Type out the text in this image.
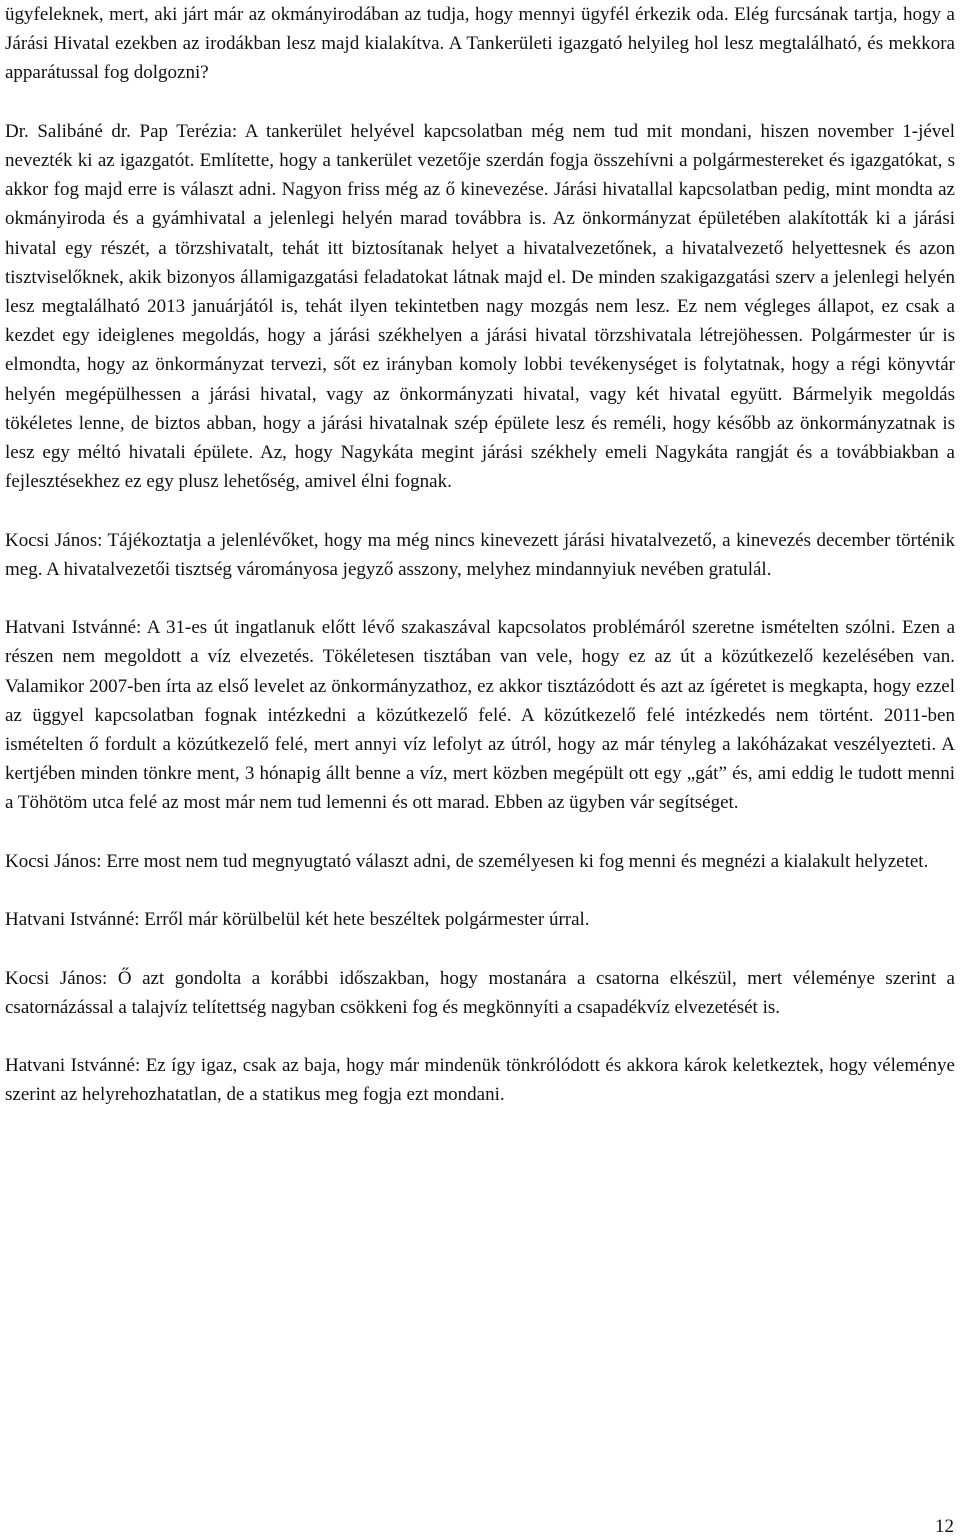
ügyfeleknek, mert, aki járt már az okmányirodában az tudja, hogy mennyi ügyfél érkezik oda. Elég furcsának tartja, hogy a Járási Hivatal ezekben az irodákban lesz majd kialakítva. A Tankerületi igazgató helyileg hol lesz megtalálható, és mekkora apparátussal fog dolgozni?

Dr. Salibáné dr. Pap Terézia: A tankerület helyével kapcsolatban még nem tud mit mondani, hiszen november 1-jével nevezték ki az igazgatót. Említette, hogy a tankerület vezetője szerdán fogja összehívni a polgármestereket és igazgatókat, s akkor fog majd erre is választ adni. Nagyon friss még az ő kinevezése. Járási hivatallal kapcsolatban pedig, mint mondta az okmányiroda és a gyámhivatal a jelenlegi helyén marad továbbra is. Az önkormányzat épületében alakították ki a járási hivatal egy részét, a törzshivatalt, tehát itt biztosítanak helyet a hivatalvezetőnek, a hivatalvezető helyettesnek és azon tisztviselőknek, akik bizonyos államigazgatási feladatokat látnak majd el. De minden szakigazgatási szerv a jelenlegi helyén lesz megtalálható 2013 januárjától is, tehát ilyen tekintetben nagy mozgás nem lesz. Ez nem végleges állapot, ez csak a kezdet egy ideiglenes megoldás, hogy a járási székhelyen a járási hivatal törzshivatala létrejöhessen. Polgármester úr is elmondta, hogy az önkormányzat tervezi, sőt ez irányban komoly lobbi tevékenységet is folytatnak, hogy a régi könyvtár helyén megépülhessen a járási hivatal, vagy az önkormányzati hivatal, vagy két hivatal együtt. Bármelyik megoldás tökéletes lenne, de biztos abban, hogy a járási hivatalnak szép épülete lesz és reméli, hogy később az önkormányzatnak is lesz egy méltó hivatali épülete. Az, hogy Nagykáta megint járási székhely emeli Nagykáta rangját és a továbbiakban a fejlesztésekhez ez egy plusz lehetőség, amivel élni fognak.

Kocsi János: Tájékoztatja a jelenlévőket, hogy ma még nincs kinevezett járási hivatalvezető, a kinevezés december történik meg. A hivatalvezetői tisztség várományosa jegyző asszony, melyhez mindannyiuk nevében gratulál.

Hatvani Istvánné: A 31-es út ingatlanuk előtt lévő szakaszával kapcsolatos problémáról szeretne ismételten szólni. Ezen a részen nem megoldott a víz elvezetés. Tökéletesen tisztában van vele, hogy ez az út a közútkezelő kezelésében van. Valamikor 2007-ben írta az első levelet az önkormányzathoz, ez akkor tisztázódott és azt az ígéretet is megkapta, hogy ezzel az üggyel kapcsolatban fognak intézkedni a közútkezelő felé. A közútkezelő felé intézkedés nem történt. 2011-ben ismételten ő fordult a közútkezelő felé, mert annyi víz lefolyt az útról, hogy az már tényleg a lakóházakat veszélyezteti. A kertjében minden tönkre ment, 3 hónapig állt benne a víz, mert közben megépült ott egy „gát” és, ami eddig le tudott menni a Töhötöm utca felé az most már nem tud lemenni és ott marad. Ebben az ügyben vár segítséget.

Kocsi János: Erre most nem tud megnyugtató választ adni, de személyesen ki fog menni és megnézi a kialakult helyzetet.

Hatvani Istvánné: Erről már körülbelül két hete beszéltek polgármester úrral.

Kocsi János: Ő azt gondolta a korábbi időszakban, hogy mostanára a csatorna elkészül, mert véleménye szerint a csatornázással a talajvíz telítettség nagyban csökkeni fog és megkönnyíti a csapadékvíz elvezetését is.

Hatvani Istvánné: Ez így igaz, csak az baja, hogy már mindenük tönkrólódott és akkora károk keletkeztek, hogy véleménye szerint az helyrehozhatatlan, de a statikus meg fogja ezt mondani.

12
